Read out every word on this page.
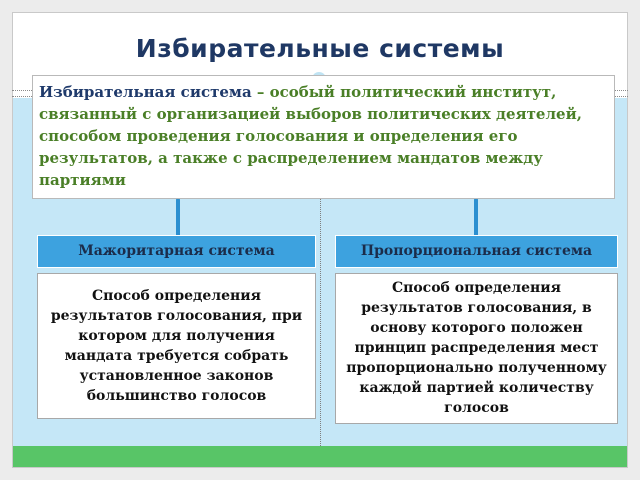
Избирательные системы
Избирательная система – особый политический институт, связанный с организацией выборов политических деятелей, способом проведения голосования и определения его результатов, а также с распределением мандатов между партиями
Мажоритарная система	Пропорциональная система
Способ определения результатов голосования, при котором для получения мандата требуется собрать установленное законов большинство голосов
Способ определения результатов голосования, в основу которого положен принцип распределения мест пропорционально полученному каждой партией количеству голосов
